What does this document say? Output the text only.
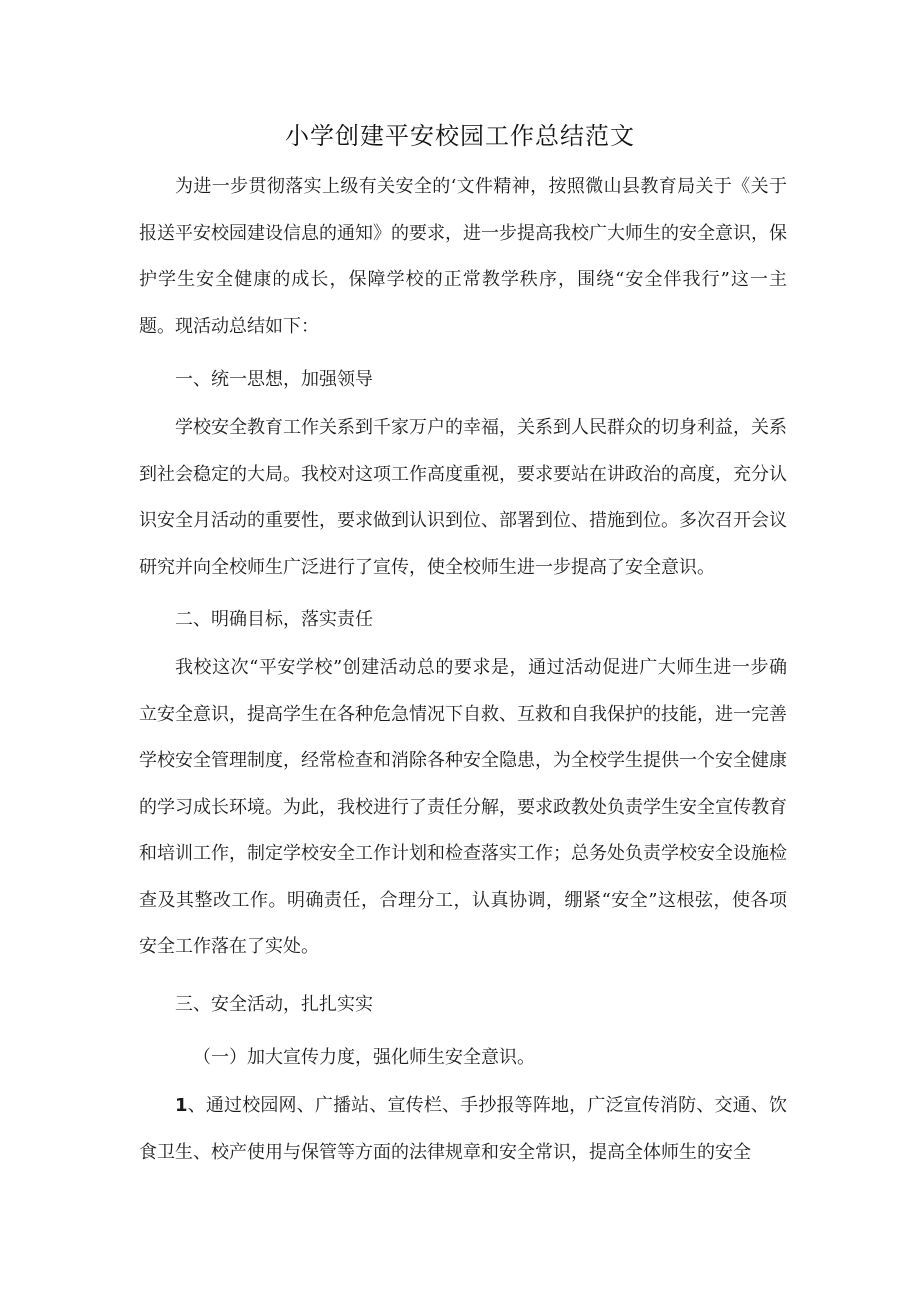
小学创建平安校园工作总结范文

为进一步贯彻落实上级有关安全的‘文件精神，按照微山县教育局关于《关于报送平安校园建设信息的通知》的要求，进一步提高我校广大师生的安全意识，保护学生安全健康的成长，保障学校的正常教学秩序，围绕“安全伴我行”这一主题。现活动总结如下：

一、统一思想，加强领导

学校安全教育工作关系到千家万户的幸福，关系到人民群众的切身利益，关系到社会稳定的大局。我校对这项工作高度重视，要求要站在讲政治的高度，充分认识安全月活动的重要性，要求做到认识到位、部署到位、措施到位。多次召开会议研究并向全校师生广泛进行了宣传，使全校师生进一步提高了安全意识。

二、明确目标，落实责任

我校这次“平安学校”创建活动总的要求是，通过活动促进广大师生进一步确立安全意识，提高学生在各种危急情况下自救、互救和自我保护的技能，进一完善学校安全管理制度，经常检查和消除各种安全隐患，为全校学生提供一个安全健康的学习成长环境。为此，我校进行了责任分解，要求政教处负责学生安全宣传教育和培训工作，制定学校安全工作计划和检查落实工作；总务处负责学校安全设施检查及其整改工作。明确责任，合理分工，认真协调，绷紧“安全”这根弦，使各项安全工作落在了实处。

三、安全活动，扎扎实实

（一）加大宣传力度，强化师生安全意识。

1、通过校园网、广播站、宣传栏、手抄报等阵地，广泛宣传消防、交通、饮食卫生、校产使用与保管等方面的法律规章和安全常识，提高全体师生的安全
